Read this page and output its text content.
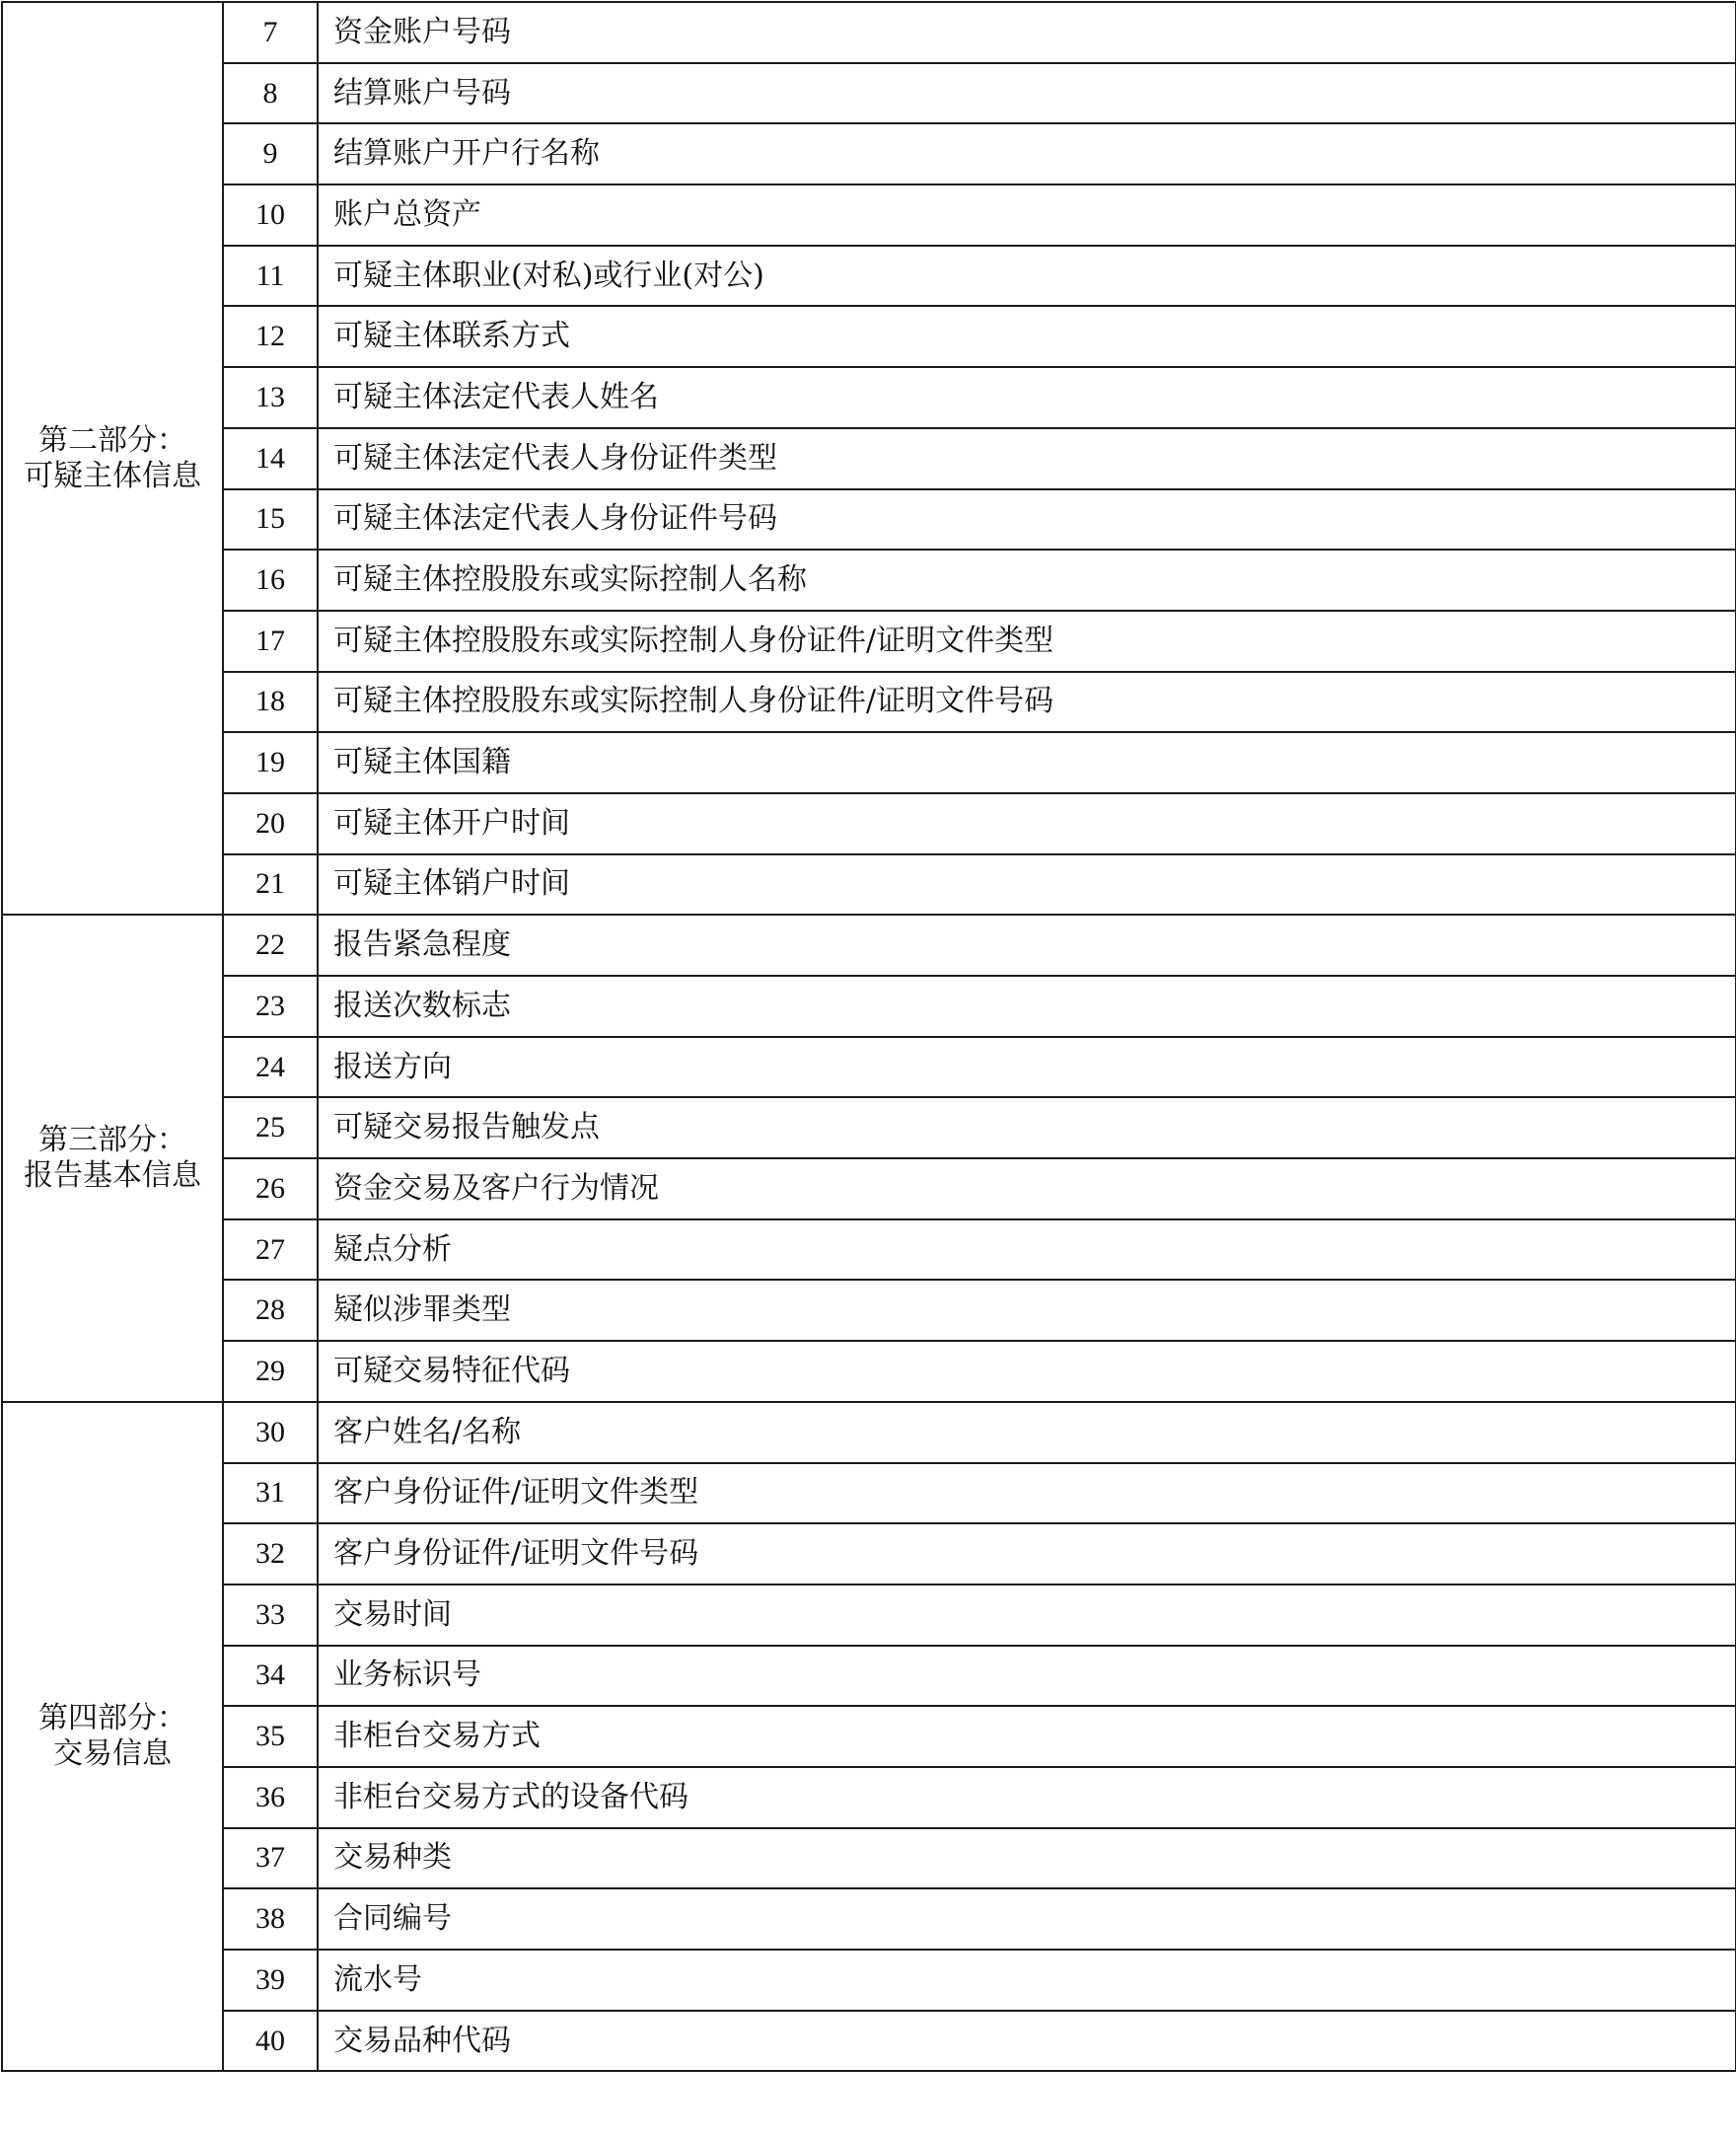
第二部分：
可疑主体信息	7	资金账户号码
	8	结算账户号码
	9	结算账户开户行名称
	10	账户总资产
	11	可疑主体职业(对私)或行业(对公)
	12	可疑主体联系方式
	13	可疑主体法定代表人姓名
	14	可疑主体法定代表人身份证件类型
	15	可疑主体法定代表人身份证件号码
	16	可疑主体控股股东或实际控制人名称
	17	可疑主体控股股东或实际控制人身份证件/证明文件类型
	18	可疑主体控股股东或实际控制人身份证件/证明文件号码
	19	可疑主体国籍
	20	可疑主体开户时间
	21	可疑主体销户时间

第三部分：
报告基本信息	22	报告紧急程度
	23	报送次数标志
	24	报送方向
	25	可疑交易报告触发点
	26	资金交易及客户行为情况
	27	疑点分析
	28	疑似涉罪类型
	29	可疑交易特征代码

第四部分：
交易信息	30	客户姓名/名称
	31	客户身份证件/证明文件类型
	32	客户身份证件/证明文件号码
	33	交易时间
	34	业务标识号
	35	非柜台交易方式
	36	非柜台交易方式的设备代码
	37	交易种类
	38	合同编号
	39	流水号
	40	交易品种代码
